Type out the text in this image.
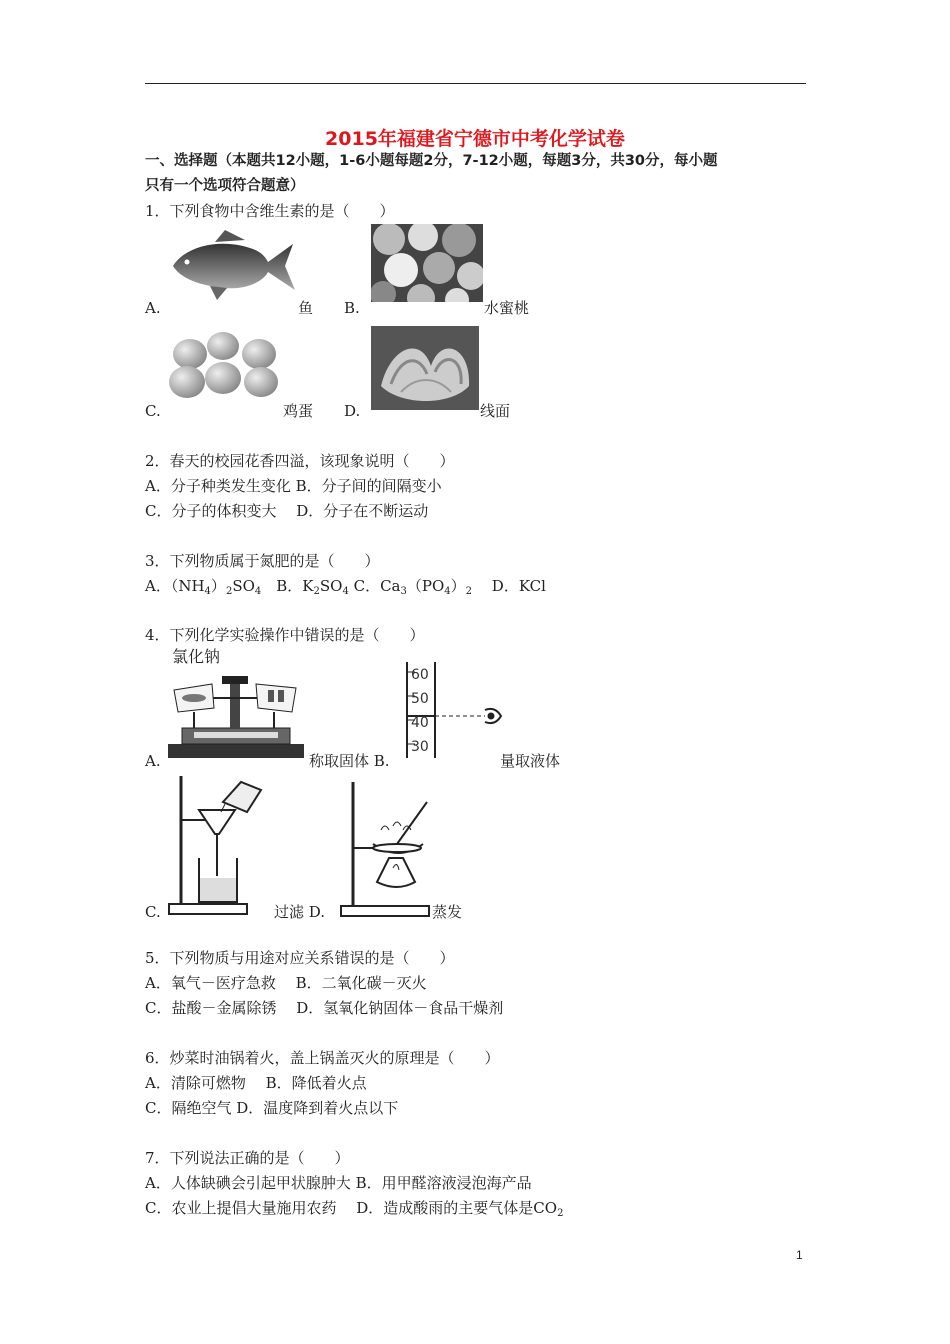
2015年福建省宁德市中考化学试卷
一、选择题（本题共12小题，1-6小题每题2分，7-12小题，每题3分，共30分，每小题
只有一个选项符合题意）
1．下列食物中含维生素的是（　　）
A.	鱼 B.	水蜜桃
C.	鸡蛋 D.	线面
2．春天的校园花香四溢，该现象说明（　　）
A．分子种类发生变化 B．分子间的间隔变小
C．分子的体积变大　 D．分子在不断运动
3．下列物质属于氮肥的是（　　）
A．$(NH_4)_2SO_4$　B．$K_2SO_4$ C．$Ca_3(PO_4)_2$　 D．KCl
4．下列化学实验操作中错误的是（　　）
氯化钠
A.	称取固体 B.
60
50
40
30
量取液体
C.	过滤 D.	蒸发
5．下列物质与用途对应关系错误的是（　　）
A．氧气－医疗急救　 B．二氧化碳－灭火
C．盐酸－金属除锈　 D．氢氧化钠固体－食品干燥剂
6．炒菜时油锅着火，盖上锅盖灭火的原理是（　　）
A．清除可燃物　 B．降低着火点
C．隔绝空气 D．温度降到着火点以下
7．下列说法正确的是（　　）
A．人体缺碘会引起甲状腺肿大 B．用甲醛溶液浸泡海产品
C．农业上提倡大量施用农药　 D．造成酸雨的主要气体是$CO_2$
1
